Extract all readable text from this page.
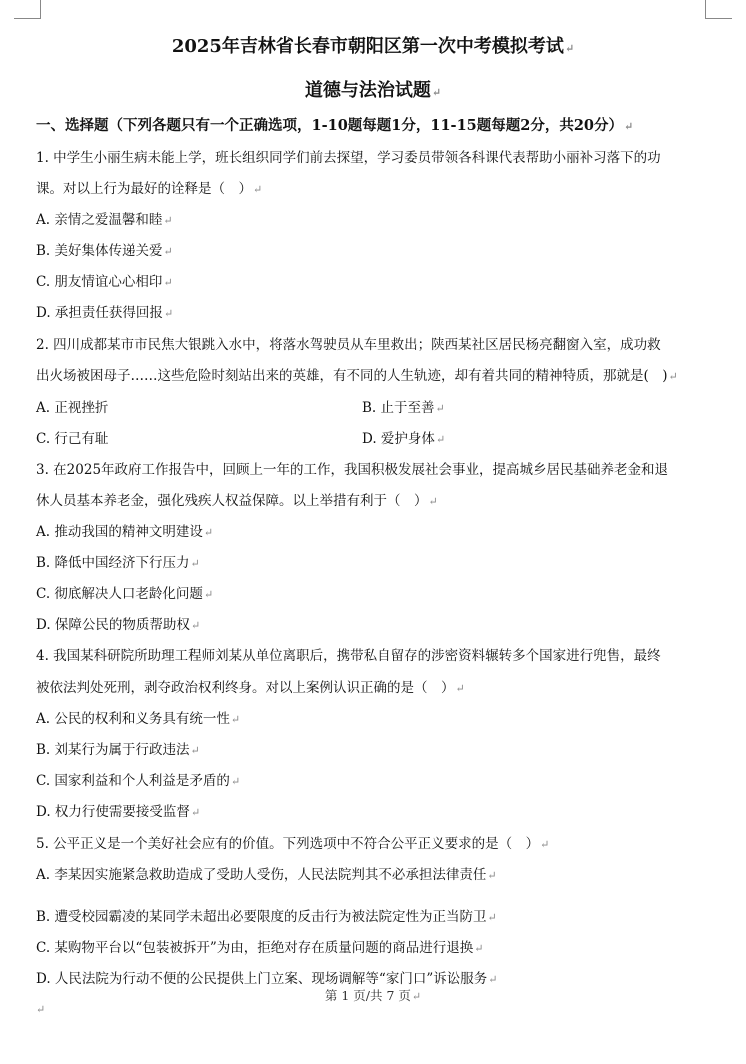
2025年吉林省长春市朝阳区第一次中考模拟考试↵
道德与法治试题↵
一、选择题（下列各题只有一个正确选项，1-10题每题1分，11-15题每题2分，共20分）↵
1. 中学生小丽生病未能上学，班长组织同学们前去探望，学习委员带领各科课代表帮助小丽补习落下的功
课。对以上行为最好的诠释是（　）↵
A. 亲情之爱温馨和睦↵
B. 美好集体传递关爱↵
C. 朋友情谊心心相印↵
D. 承担责任获得回报↵
2. 四川成都某市市民焦大银跳入水中，将落水驾驶员从车里救出；陕西某社区居民杨亮翻窗入室，成功救
出火场被困母子……这些危险时刻站出来的英雄，有不同的人生轨迹，却有着共同的精神特质，那就是(　)↵
A. 正视挫折	B. 止于至善↵
C. 行己有耻	D. 爱护身体↵
3. 在2025年政府工作报告中，回顾上一年的工作，我国积极发展社会事业，提高城乡居民基础养老金和退
休人员基本养老金，强化残疾人权益保障。以上举措有利于（　）↵
A. 推动我国的精神文明建设↵
B. 降低中国经济下行压力↵
C. 彻底解决人口老龄化问题↵
D. 保障公民的物质帮助权↵
4. 我国某科研院所助理工程师刘某从单位离职后，携带私自留存的涉密资料辗转多个国家进行兜售，最终
被依法判处死刑，剥夺政治权利终身。对以上案例认识正确的是（　）↵
A. 公民的权利和义务具有统一性↵
B. 刘某行为属于行政违法↵
C. 国家利益和个人利益是矛盾的↵
D. 权力行使需要接受监督↵
5. 公平正义是一个美好社会应有的价值。下列选项中不符合公平正义要求的是（　）↵
A. 李某因实施紧急救助造成了受助人受伤，人民法院判其不必承担法律责任↵
B. 遭受校园霸凌的某同学未超出必要限度的反击行为被法院定性为正当防卫↵
C. 某购物平台以“包装被拆开”为由，拒绝对存在质量问题的商品进行退换↵
D. 人民法院为行动不便的公民提供上门立案、现场调解等“家门口”诉讼服务↵
第 1 页/共 7 页↵
↵
